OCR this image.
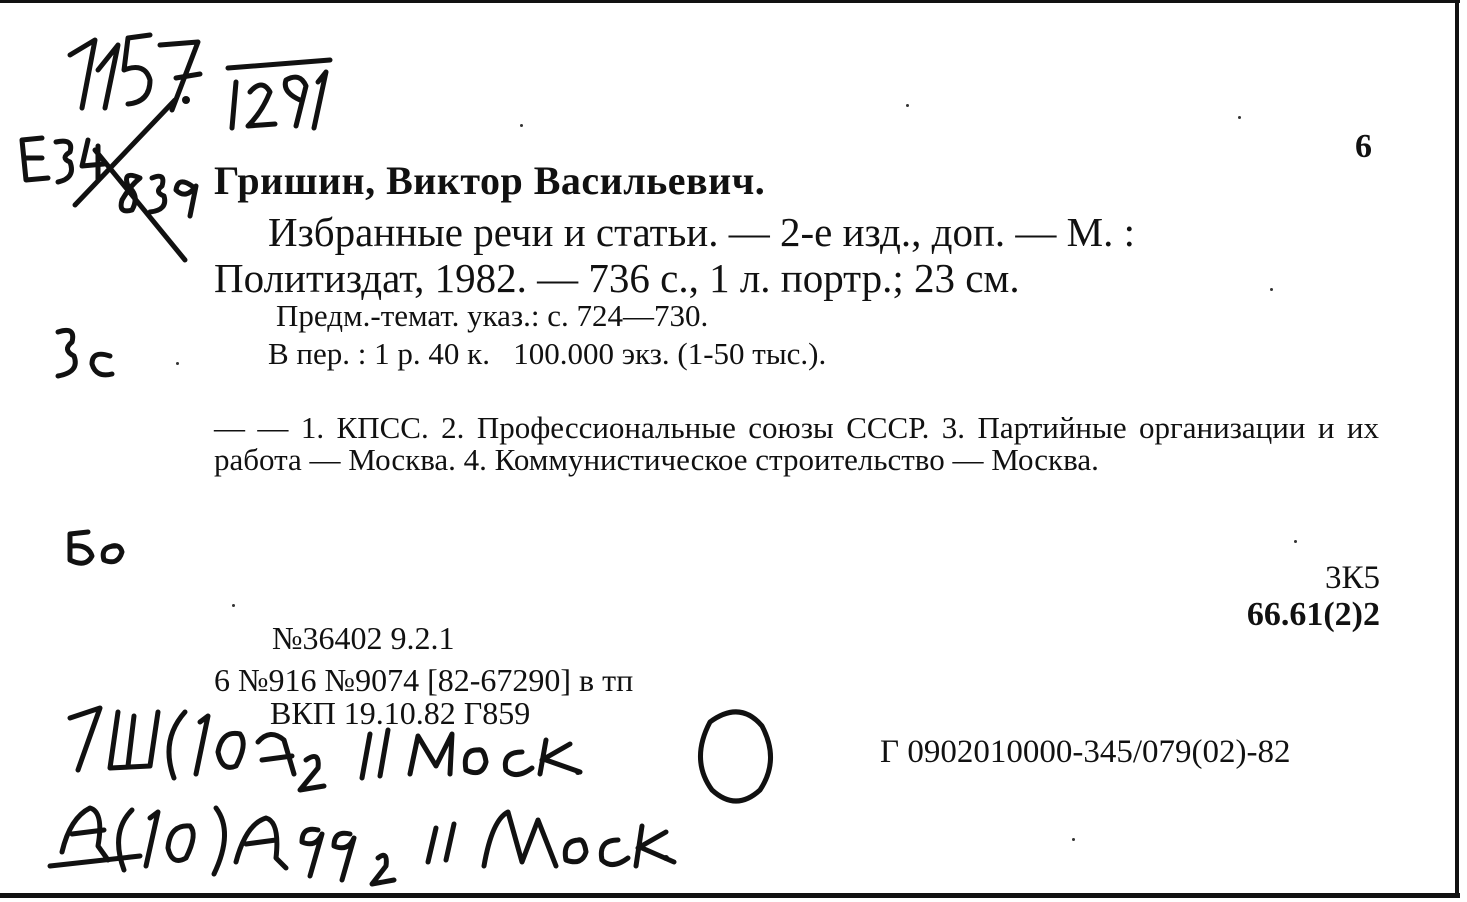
6
Гришин, Виктор Васильевич.
Избранные речи и статьи. — 2-е изд., доп. — М. :
Политиздат, 1982. — 736 с., 1 л. портр.; 23 см.
Предм.-темат. указ.: с. 724—730.
В пер. : 1 р. 40 к.   100.000 экз. (1-50 тыс.).
— — 1. КПСС. 2. Профессиональные союзы СССР. 3. Партийные организации и их работа — Москва. 4. Коммунистическое строительство — Москва.
3К5
66.61(2)2
№36402 9.2.1
6 №916 №9074 [82-67290] в тп
ВКП 19.10.82 Г859
Г 0902010000-345/079(02)-82
